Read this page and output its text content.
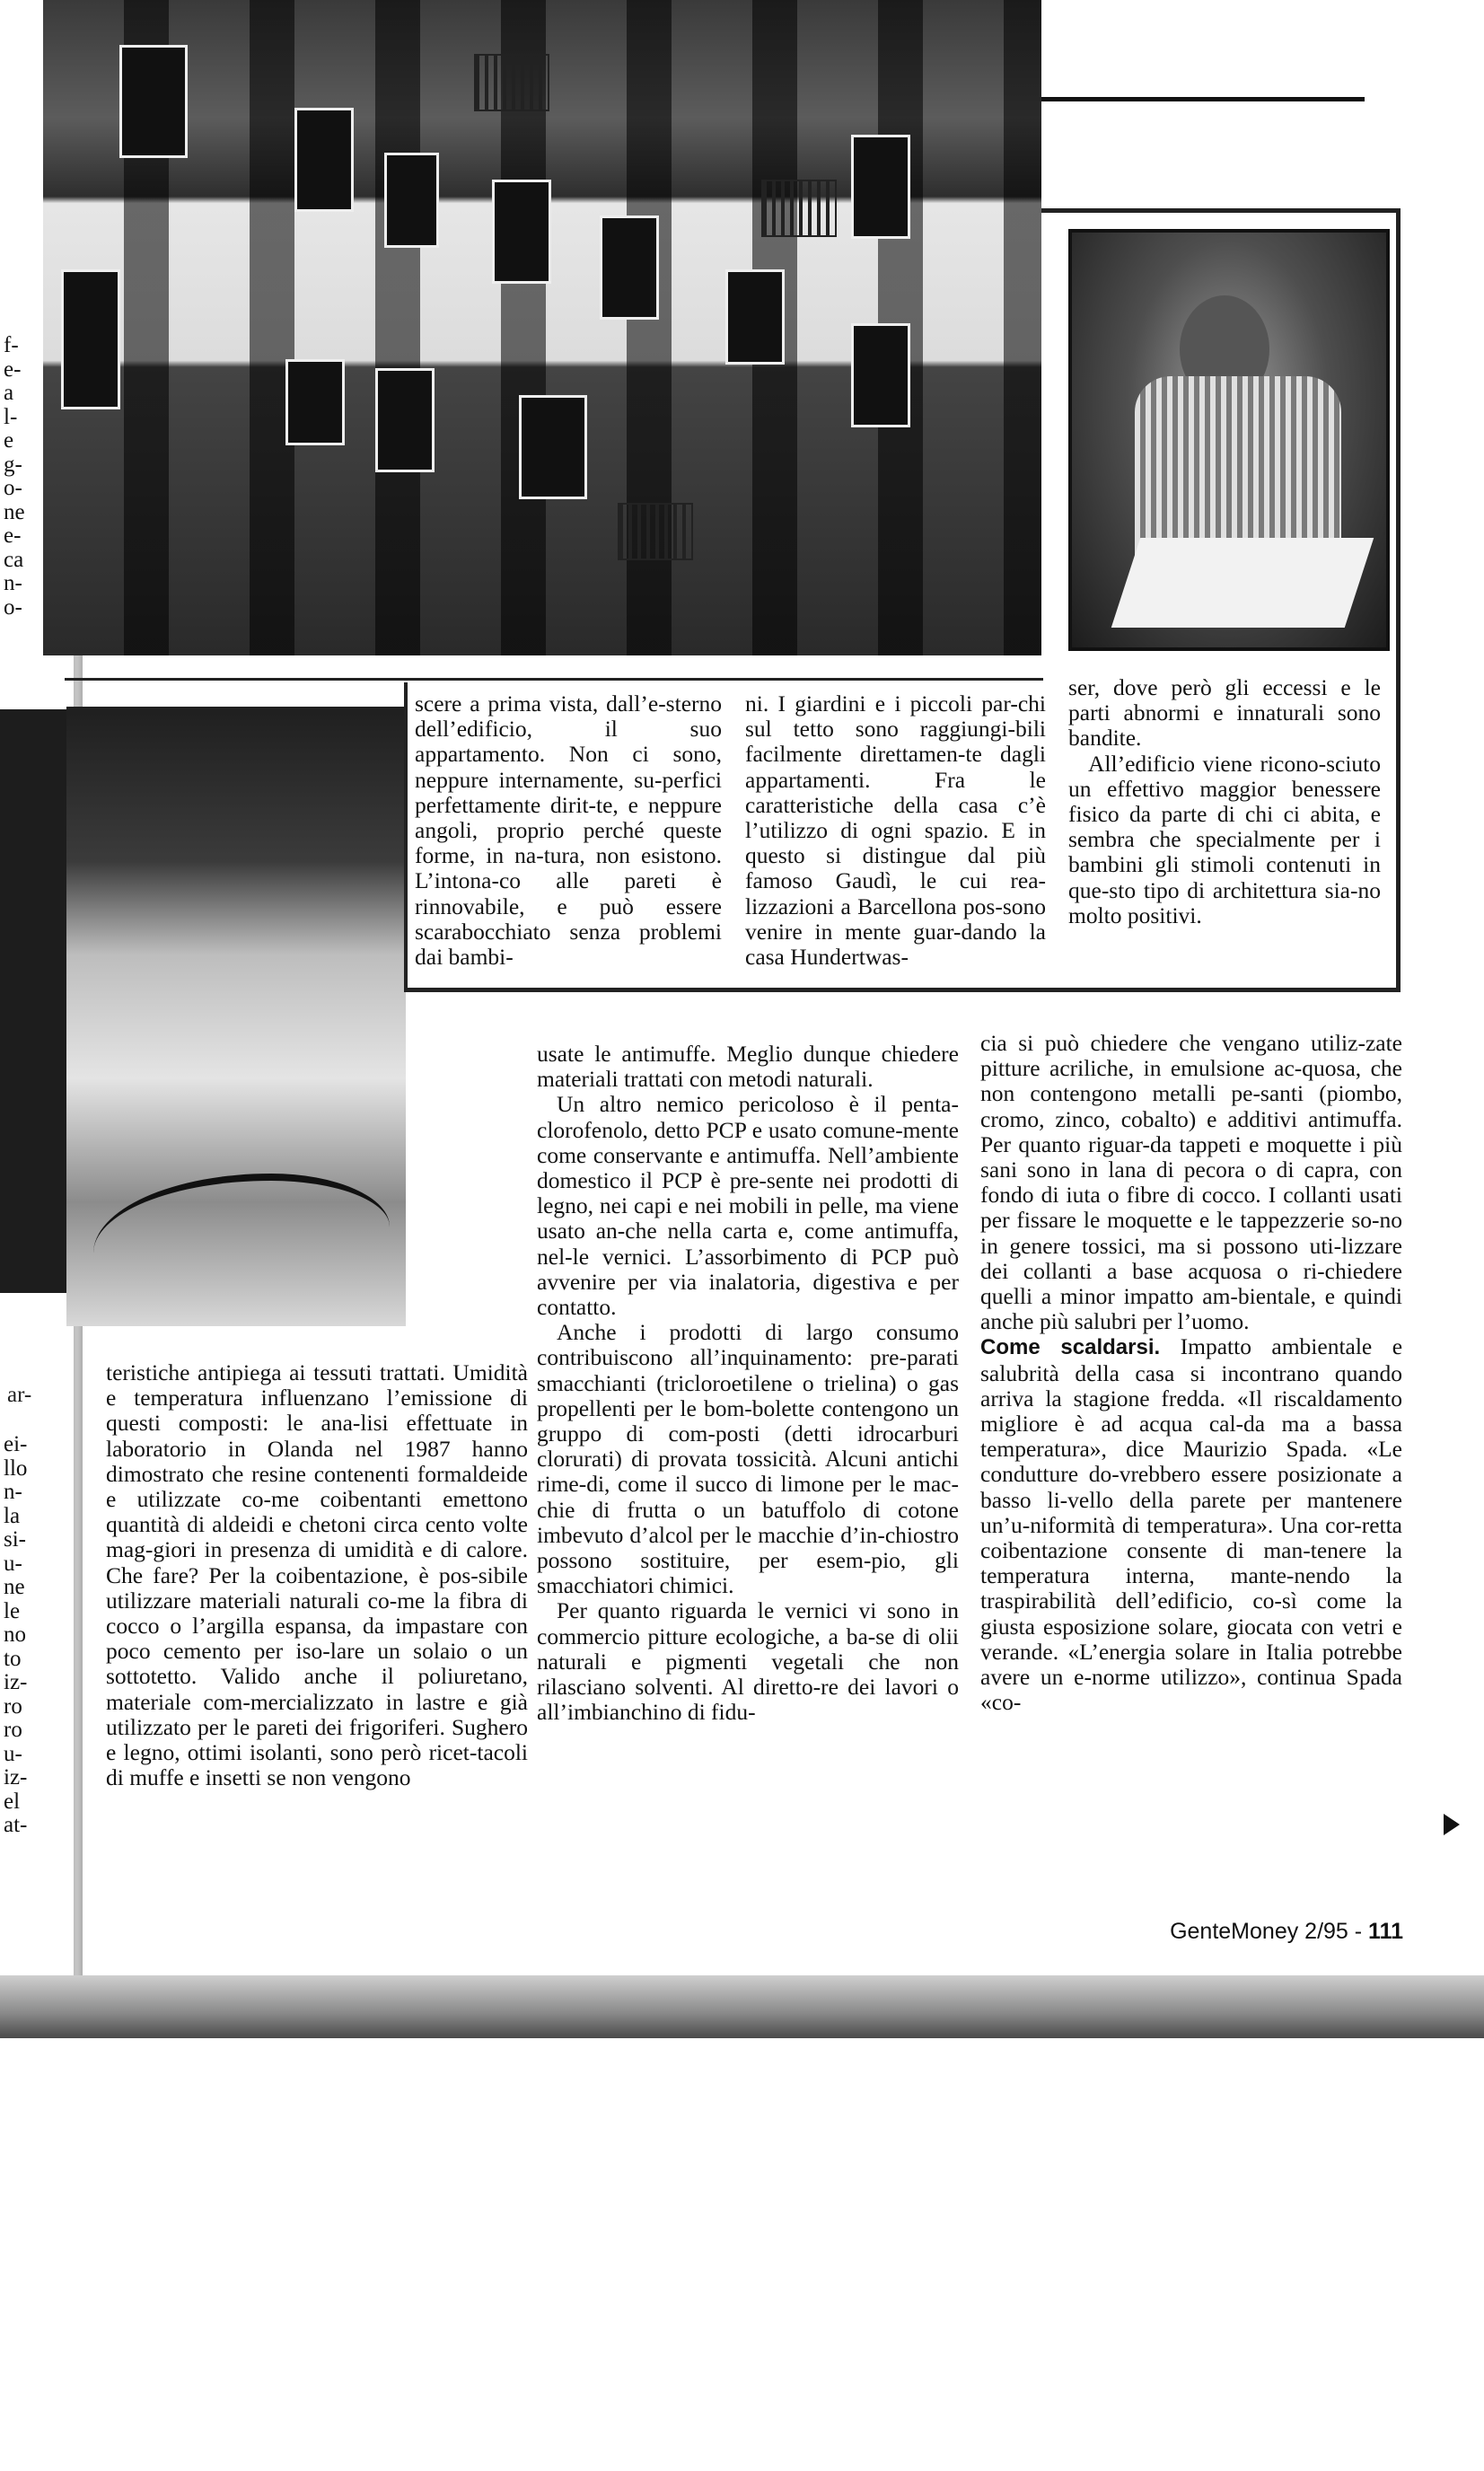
f-
e-
a
l-
e
g-
o-
ne
e-
ca
n-
o-
ar-
ei-
llo
n-
la
si-
u-
ne
le
no
to
iz-
ro
ro
u-
iz-
el
at-

scere a prima vista, dall’e-sterno dell’edificio, il suo appartamento. Non ci sono, neppure internamente, su-perfici perfettamente dirit-te, e neppure angoli, proprio perché queste forme, in na-tura, non esistono. L’intona-co alle pareti è rinnovabile, e può essere scarabocchiato senza problemi dai bambi-

ni. I giardini e i piccoli par-chi sul tetto sono raggiungi-bili facilmente direttamen-te dagli appartamenti. Fra le caratteristiche della casa c’è l’utilizzo di ogni spazio. E in questo si distingue dal più famoso Gaudì, le cui rea-lizzazioni a Barcellona pos-sono venire in mente guar-dando la casa Hundertwas-

ser, dove però gli eccessi e le parti abnormi e innaturali sono bandite.

All’edificio viene ricono-sciuto un effettivo maggior benessere fisico da parte di chi ci abita, e sembra che specialmente per i bambini gli stimoli contenuti in que-sto tipo di architettura sia-no molto positivi.

teristiche antipiega ai tessuti trattati. Umidità e temperatura influenzano l’emissione di questi composti: le ana-lisi effettuate in laboratorio in Olanda nel 1987 hanno dimostrato che resine contenenti formaldeide e utilizzate co-me coibentanti emettono quantità di aldeidi e chetoni circa cento volte mag-giori in presenza di umidità e di calore. Che fare? Per la coibentazione, è pos-sibile utilizzare materiali naturali co-me la fibra di cocco o l’argilla espansa, da impastare con poco cemento per iso-lare un solaio o un sottotetto. Valido anche il poliuretano, materiale com-mercializzato in lastre e già utilizzato per le pareti dei frigoriferi. Sughero e legno, ottimi isolanti, sono però ricet-tacoli di muffe e insetti se non vengono

usate le antimuffe. Meglio dunque chiedere materiali trattati con metodi naturali.

Un altro nemico pericoloso è il penta-clorofenolo, detto PCP e usato comune-mente come conservante e antimuffa. Nell’ambiente domestico il PCP è pre-sente nei prodotti di legno, nei capi e nei mobili in pelle, ma viene usato an-che nella carta e, come antimuffa, nel-le vernici. L’assorbimento di PCP può avvenire per via inalatoria, digestiva e per contatto.

Anche i prodotti di largo consumo contribuiscono all’inquinamento: pre-parati smacchianti (tricloroetilene o trielina) o gas propellenti per le bom-bolette contengono un gruppo di com-posti (detti idrocarburi clorurati) di provata tossicità. Alcuni antichi rime-di, come il succo di limone per le mac-chie di frutta o un batuffolo di cotone imbevuto d’alcol per le macchie d’in-chiostro possono sostituire, per esem-pio, gli smacchiatori chimici.

Per quanto riguarda le vernici vi sono in commercio pitture ecologiche, a ba-se di olii naturali e pigmenti vegetali che non rilasciano solventi. Al diretto-re dei lavori o all’imbianchino di fidu-

cia si può chiedere che vengano utiliz-zate pitture acriliche, in emulsione ac-quosa, che non contengono metalli pe-santi (piombo, cromo, zinco, cobalto) e additivi antimuffa. Per quanto riguar-da tappeti e moquette i più sani sono in lana di pecora o di capra, con fondo di iuta o fibre di cocco. I collanti usati per fissare le moquette e le tappezzerie so-no in genere tossici, ma si possono uti-lizzare dei collanti a base acquosa o ri-chiedere quelli a minor impatto am-bientale, e quindi anche più salubri per l’uomo.

Come scaldarsi. Impatto ambientale e salubrità della casa si incontrano quando arriva la stagione fredda. «Il riscaldamento migliore è ad acqua cal-da ma a bassa temperatura», dice Maurizio Spada. «Le condutture do-vrebbero essere posizionate a basso li-vello della parete per mantenere un’u-niformità di temperatura». Una cor-retta coibentazione consente di man-tenere la temperatura interna, mante-nendo la traspirabilità dell’edificio, co-sì come la giusta esposizione solare, giocata con vetri e verande. «L’energia solare in Italia potrebbe avere un e-norme utilizzo», continua Spada «co-

GenteMoney 2/95 - 111
